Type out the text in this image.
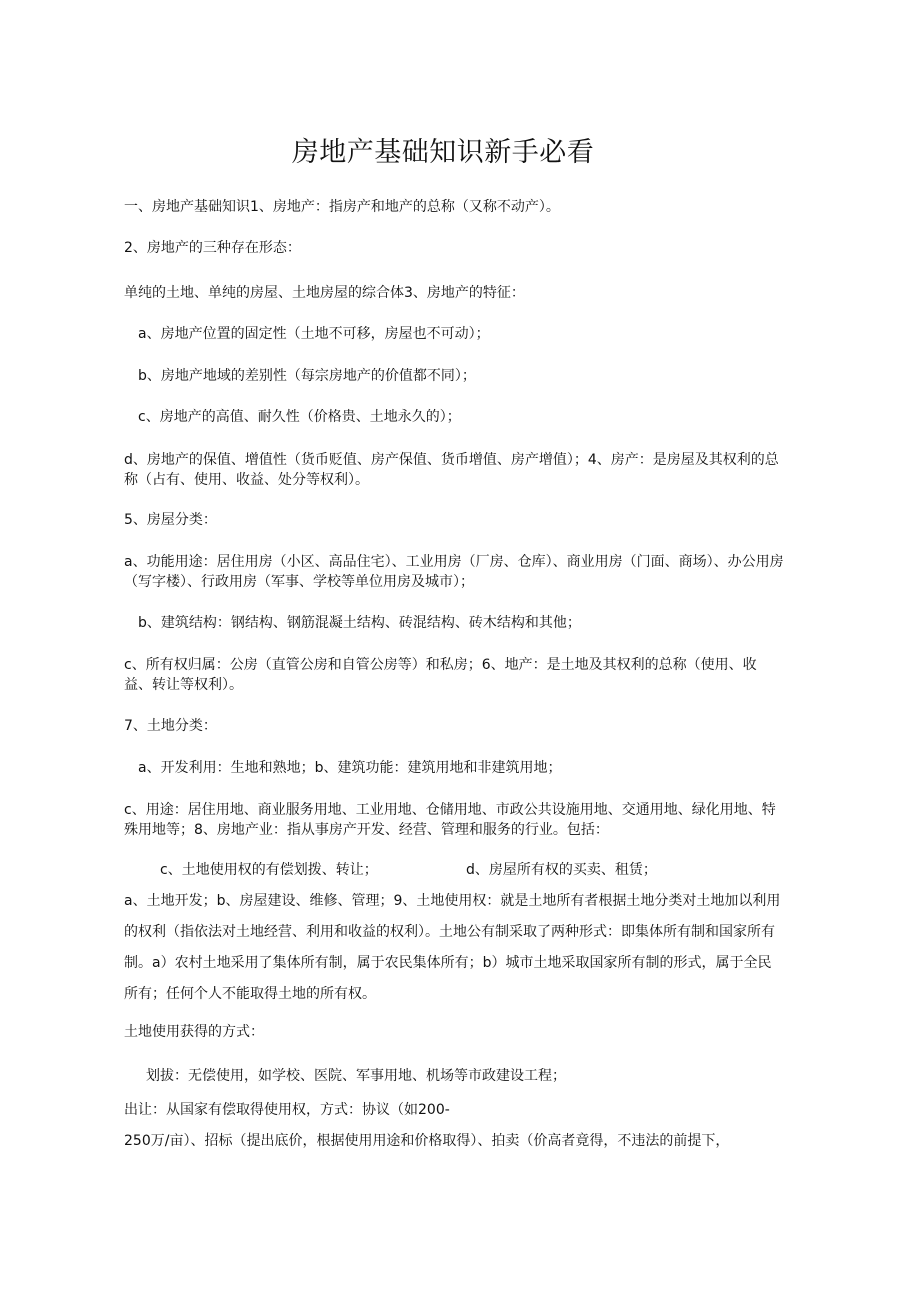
房地产基础知识新手必看

一、房地产基础知识1、房地产：指房产和地产的总称（又称不动产）。

2、房地产的三种存在形态：

单纯的土地、单纯的房屋、土地房屋的综合体3、房地产的特征：

a、房地产位置的固定性（土地不可移，房屋也不可动）；

b、房地产地域的差别性（每宗房地产的价值都不同）；

c、房地产的高值、耐久性（价格贵、土地永久的）；

d、房地产的保值、增值性（货币贬值、房产保值、货币增值、房产增值）；4、房产：是房屋及其权利的总称（占有、使用、收益、处分等权利）。

5、房屋分类：

a、功能用途：居住用房（小区、高品住宅）、工业用房（厂房、仓库）、商业用房（门面、商场）、办公用房（写字楼）、行政用房（军事、学校等单位用房及城市）；

b、建筑结构：钢结构、钢筋混凝土结构、砖混结构、砖木结构和其他；

c、所有权归属：公房（直管公房和自管公房等）和私房；6、地产：是土地及其权利的总称（使用、收益、转让等权利）。

7、土地分类：

a、开发利用：生地和熟地；b、建筑功能：建筑用地和非建筑用地；

c、用途：居住用地、商业服务用地、工业用地、仓储用地、市政公共设施用地、交通用地、绿化用地、特殊用地等；8、房地产业：指从事房产开发、经营、管理和服务的行业。包括：

c、土地使用权的有偿划拨、转让；	d、房屋所有权的买卖、租赁；

a、土地开发；b、房屋建设、维修、管理；9、土地使用权：就是土地所有者根据土地分类对土地加以利用的权利（指依法对土地经营、利用和收益的权利）。土地公有制采取了两种形式：即集体所有制和国家所有制。a）农村土地采用了集体所有制，属于农民集体所有；b）城市土地采取国家所有制的形式，属于全民所有；任何个人不能取得土地的所有权。

土地使用获得的方式：

划拔：无偿使用，如学校、医院、军事用地、机场等市政建设工程；

出让：从国家有偿取得使用权，方式：协议（如200-

250万/亩）、招标（提出底价，根据使用用途和价格取得）、拍卖（价高者竟得，不违法的前提下，
